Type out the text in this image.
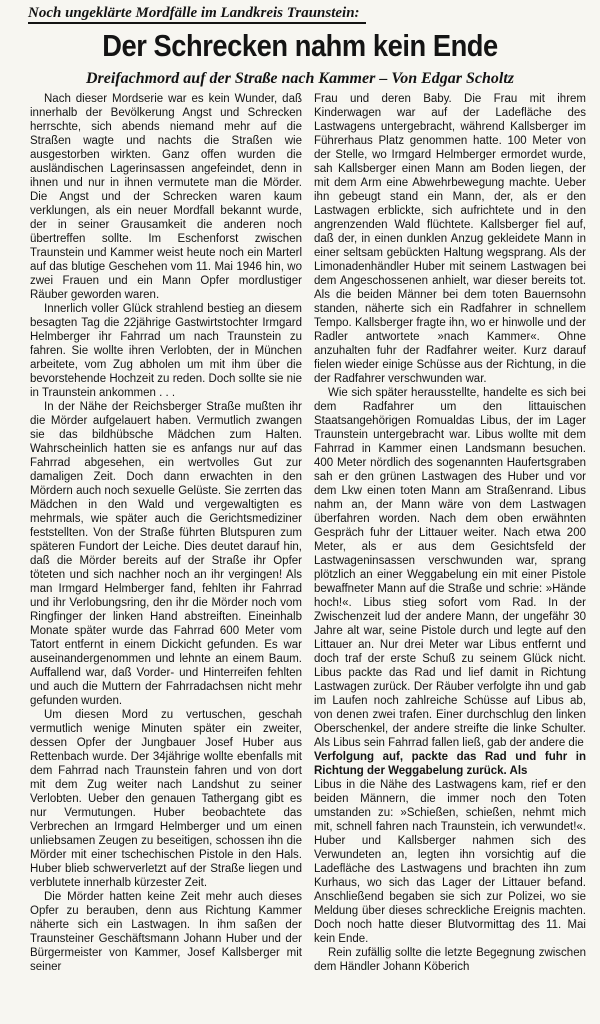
Noch ungeklärte Mordfälle im Landkreis Traunstein:
Der Schrecken nahm kein Ende
Dreifachmord auf der Straße nach Kammer – Von Edgar Scholtz

Nach dieser Mordserie war es kein Wunder, daß innerhalb der Bevölkerung Angst und Schrecken herrschte, sich abends niemand mehr auf die Straßen wagte und nachts die Straßen wie ausgestorben wirkten. Ganz offen wurden die ausländischen Lagerinsassen angefeindet, denn in ihnen und nur in ihnen vermutete man die Mörder. Die Angst und der Schrecken waren kaum verklungen, als ein neuer Mordfall bekannt wurde, der in seiner Grausamkeit die anderen noch übertreffen sollte. Im Eschenforst zwischen Traunstein und Kammer weist heute noch ein Marterl auf das blutige Geschehen vom 11. Mai 1946 hin, wo zwei Frauen und ein Mann Opfer mordlustiger Räuber geworden waren.

Innerlich voller Glück strahlend bestieg an diesem besagten Tag die 22jährige Gastwirtstochter Irmgard Helmberger ihr Fahrrad um nach Traunstein zu fahren. Sie wollte ihren Verlobten, der in München arbeitete, vom Zug abholen um mit ihm über die bevorstehende Hochzeit zu reden. Doch sollte sie nie in Traunstein ankommen . . .

In der Nähe der Reichsberger Straße mußten ihr die Mörder aufgelauert haben. Vermutlich zwangen sie das bildhübsche Mädchen zum Halten. Wahrscheinlich hatten sie es anfangs nur auf das Fahrrad abgesehen, ein wertvolles Gut zur damaligen Zeit. Doch dann erwachten in den Mördern auch noch sexuelle Gelüste. Sie zerrten das Mädchen in den Wald und vergewaltigten es mehrmals, wie später auch die Gerichtsmediziner feststellten. Von der Straße führten Blutspuren zum späteren Fundort der Leiche. Dies deutet darauf hin, daß die Mörder bereits auf der Straße ihr Opfer töteten und sich nachher noch an ihr vergingen! Als man Irmgard Helmberger fand, fehlten ihr Fahrrad und ihr Verlobungsring, den ihr die Mörder noch vom Ringfinger der linken Hand abstreiften. Eineinhalb Monate später wurde das Fahrrad 600 Meter vom Tatort entfernt in einem Dickicht gefunden. Es war auseinandergenommen und lehnte an einem Baum. Auffallend war, daß Vorder- und Hinterreifen fehlten und auch die Muttern der Fahrradachsen nicht mehr gefunden wurden.

Um diesen Mord zu vertuschen, geschah vermutlich wenige Minuten später ein zweiter, dessen Opfer der Jungbauer Josef Huber aus Rettenbach wurde. Der 34jährige wollte ebenfalls mit dem Fahrrad nach Traunstein fahren und von dort mit dem Zug weiter nach Landshut zu seiner Verlobten. Ueber den genauen Tathergang gibt es nur Vermutungen. Huber beobachtete das Verbrechen an Irmgard Helmberger und um einen unliebsamen Zeugen zu beseitigen, schossen ihn die Mörder mit einer tschechischen Pistole in den Hals. Huber blieb schwerverletzt auf der Straße liegen und verblutete innerhalb kürzester Zeit.

Die Mörder hatten keine Zeit mehr auch dieses Opfer zu berauben, denn aus Richtung Kammer näherte sich ein Lastwagen. In ihm saßen der Traunsteiner Geschäftsmann Johann Huber und der Bürgermeister von Kammer, Josef Kallsberger mit seiner

Frau und deren Baby. Die Frau mit ihrem Kinderwagen war auf der Ladefläche des Lastwagens untergebracht, während Kallsberger im Führerhaus Platz genommen hatte. 100 Meter von der Stelle, wo Irmgard Helmberger ermordet wurde, sah Kallsberger einen Mann am Boden liegen, der mit dem Arm eine Abwehrbewegung machte. Ueber ihn gebeugt stand ein Mann, der, als er den Lastwagen erblickte, sich aufrichtete und in den angrenzenden Wald flüchtete. Kallsberger fiel auf, daß der, in einen dunklen Anzug gekleidete Mann in einer seltsam gebückten Haltung wegsprang. Als der Limonadenhändler Huber mit seinem Lastwagen bei dem Angeschossenen anhielt, war dieser bereits tot. Als die beiden Männer bei dem toten Bauernsohn standen, näherte sich ein Radfahrer in schnellem Tempo. Kallsberger fragte ihn, wo er hinwolle und der Radler antwortete »nach Kammer«. Ohne anzuhalten fuhr der Radfahrer weiter. Kurz darauf fielen wieder einige Schüsse aus der Richtung, in die der Radfahrer verschwunden war.

Wie sich später herausstellte, handelte es sich bei dem Radfahrer um den littauischen Staatsangehörigen Romualdas Libus, der im Lager Traunstein untergebracht war. Libus wollte mit dem Fahrrad in Kammer einen Landsmann besuchen. 400 Meter nördlich des sogenannten Haufertsgraben sah er den grünen Lastwagen des Huber und vor dem Lkw einen toten Mann am Straßenrand. Libus nahm an, der Mann wäre von dem Lastwagen überfahren worden. Nach dem oben erwähnten Gespräch fuhr der Littauer weiter. Nach etwa 200 Meter, als er aus dem Gesichtsfeld der Lastwageninsassen verschwunden war, sprang plötzlich an einer Weggabelung ein mit einer Pistole bewaffneter Mann auf die Straße und schrie: »Hände hoch!«. Libus stieg sofort vom Rad. In der Zwischenzeit lud der andere Mann, der ungefähr 30 Jahre alt war, seine Pistole durch und legte auf den Littauer an. Nur drei Meter war Libus entfernt und doch traf der erste Schuß zu seinem Glück nicht. Libus packte das Rad und lief damit in Richtung Lastwagen zurück. Der Räuber verfolgte ihn und gab im Laufen noch zahlreiche Schüsse auf Libus ab, von denen zwei trafen. Einer durchschlug den linken Oberschenkel, der andere streifte die linke Schulter. Als Libus sein Fahrrad fallen ließ, gab der andere die

Verfolgung auf, packte das Rad und fuhr in Richtung der Weggabelung zurück. Als

Libus in die Nähe des Lastwagens kam, rief er den beiden Männern, die immer noch den Toten umstanden zu: »Schießen, schießen, nehmt mich mit, schnell fahren nach Traunstein, ich verwundet!«. Huber und Kallsberger nahmen sich des Verwundeten an, legten ihn vorsichtig auf die Ladefläche des Lastwagens und brachten ihn zum Kurhaus, wo sich das Lager der Littauer befand. Anschließend begaben sie sich zur Polizei, wo sie Meldung über dieses schreckliche Ereignis machten. Doch noch hatte dieser Blutvormittag des 11. Mai kein Ende.

Rein zufällig sollte die letzte Begegnung zwischen dem Händler Johann Köberich
